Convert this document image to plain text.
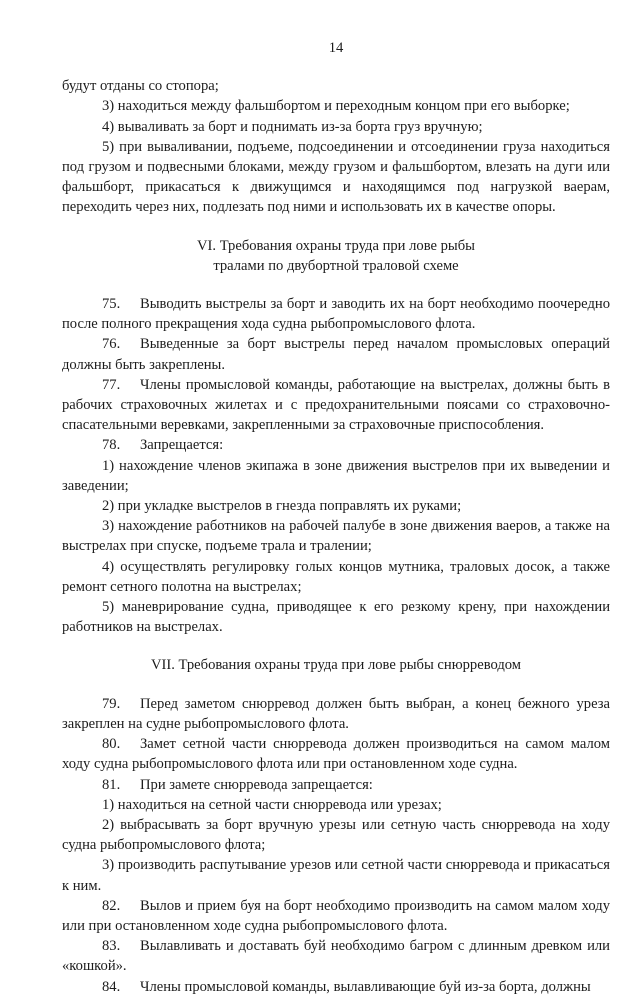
14

будут отданы со стопора;

3) находиться между фальшбортом и переходным концом при его выборке;

4) вываливать за борт и поднимать из-за борта груз вручную;

5) при вываливании, подъеме, подсоединении и отсоединении груза находиться под грузом и подвесными блоками, между грузом и фальшбортом, влезать на дуги или фальшборт, прикасаться к движущимся и находящимся под нагрузкой ваерам, переходить через них, подлезать под ними и использовать их в качестве опоры.

VI. Требования охраны труда при лове рыбы

тралами по двубортной траловой схеме

75. Выводить выстрелы за борт и заводить их на борт необходимо поочередно после полного прекращения хода судна рыбопромыслового флота.

76. Выведенные за борт выстрелы перед началом промысловых операций должны быть закреплены.

77. Члены промысловой команды, работающие на выстрелах, должны быть в рабочих страховочных жилетах и с предохранительными поясами со страховочно-спасательными веревками, закрепленными за страховочные приспособления.

78. Запрещается:

1) нахождение членов экипажа в зоне движения выстрелов при их выведении и заведении;

2) при укладке выстрелов в гнезда поправлять их руками;

3) нахождение работников на рабочей палубе в зоне движения ваеров, а также на выстрелах при спуске, подъеме трала и тралении;

4) осуществлять регулировку голых концов мутника, траловых досок, а также ремонт сетного полотна на выстрелах;

5) маневрирование судна, приводящее к его резкому крену, при нахождении работников на выстрелах.

VII. Требования охраны труда при лове рыбы снюрреводом

79. Перед заметом снюрревод должен быть выбран, а конец бежного уреза закреплен на судне рыбопромыслового флота.

80. Замет сетной части снюрревода должен производиться на самом малом ходу судна рыбопромыслового флота или при остановленном ходе судна.

81. При замете снюрревода запрещается:

1) находиться на сетной части снюрревода или урезах;

2) выбрасывать за борт вручную урезы или сетную часть снюрревода на ходу судна рыбопромыслового флота;

3) производить распутывание урезов или сетной части снюрревода и прикасаться к ним.

82. Вылов и прием буя на борт необходимо производить на самом малом ходу или при остановленном ходе судна рыбопромыслового флота.

83. Вылавливать и доставать буй необходимо багром с длинным древком или «кошкой».

84. Члены промысловой команды, вылавливающие буй из-за борта, должны
